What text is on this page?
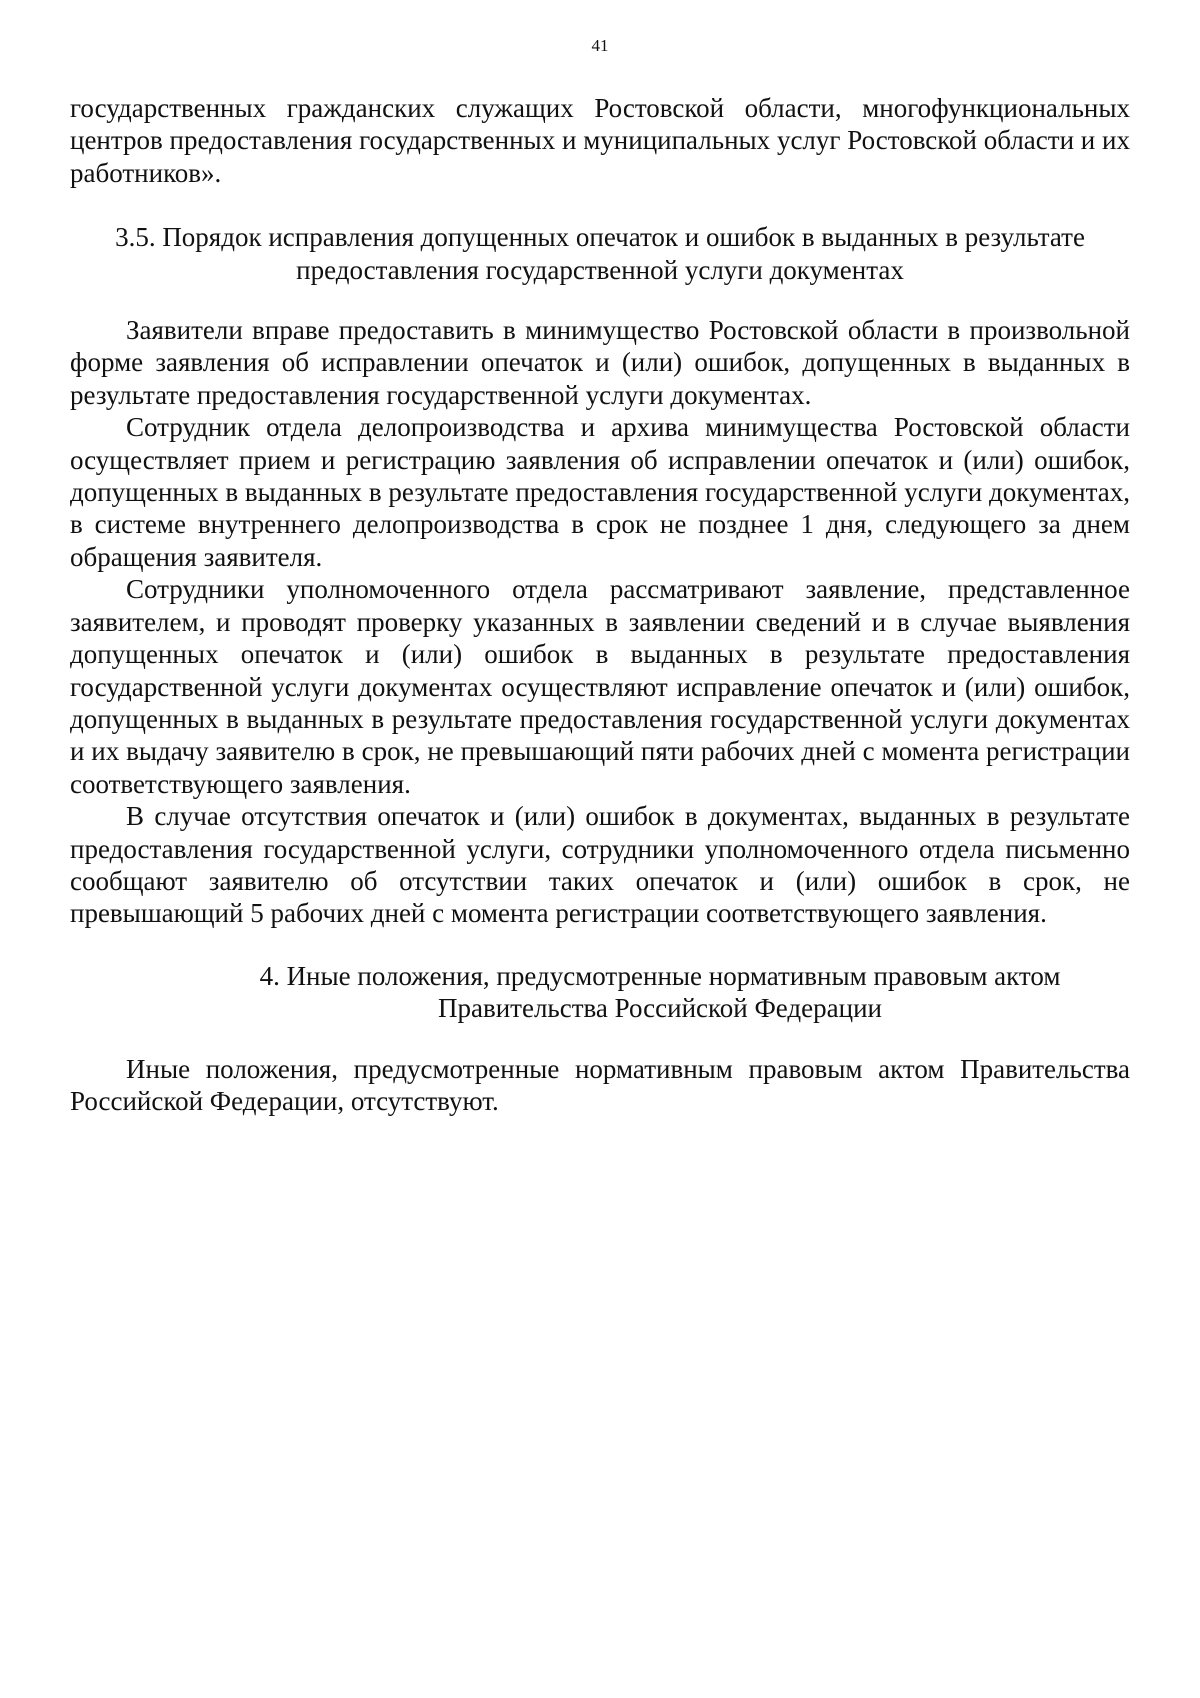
41

государственных гражданских служащих Ростовской области, многофункциональных центров предоставления государственных и муниципальных услуг Ростовской области и их работников».

3.5. Порядок исправления допущенных опечаток и ошибок в выданных в результате

предоставления государственной услуги документах

Заявители вправе предоставить в минимущество Ростовской области в произвольной форме заявления об исправлении опечаток и (или) ошибок, допущенных в выданных в результате предоставления государственной услуги документах.

Сотрудник отдела делопроизводства и архива минимущества Ростовской области осуществляет прием и регистрацию заявления об исправлении опечаток и (или) ошибок, допущенных в выданных в результате предоставления государственной услуги документах, в системе внутреннего делопроизводства в срок не позднее 1 дня, следующего за днем обращения заявителя.

Сотрудники уполномоченного отдела рассматривают заявление, представленное заявителем, и проводят проверку указанных в заявлении сведений и в случае выявления допущенных опечаток и (или) ошибок в выданных в результате предоставления государственной услуги документах осуществляют исправление опечаток и (или) ошибок, допущенных в выданных в результате предоставления государственной услуги документах и их выдачу заявителю в срок, не превышающий пяти рабочих дней с момента регистрации соответствующего заявления.

В случае отсутствия опечаток и (или) ошибок в документах, выданных в результате предоставления государственной услуги, сотрудники уполномоченного отдела письменно сообщают заявителю об отсутствии таких опечаток и (или) ошибок в срок, не превышающий 5 рабочих дней с момента регистрации соответствующего заявления.

4. Иные положения, предусмотренные нормативным правовым актом

Правительства Российской Федерации

Иные положения, предусмотренные нормативным правовым актом Правительства Российской Федерации, отсутствуют.
